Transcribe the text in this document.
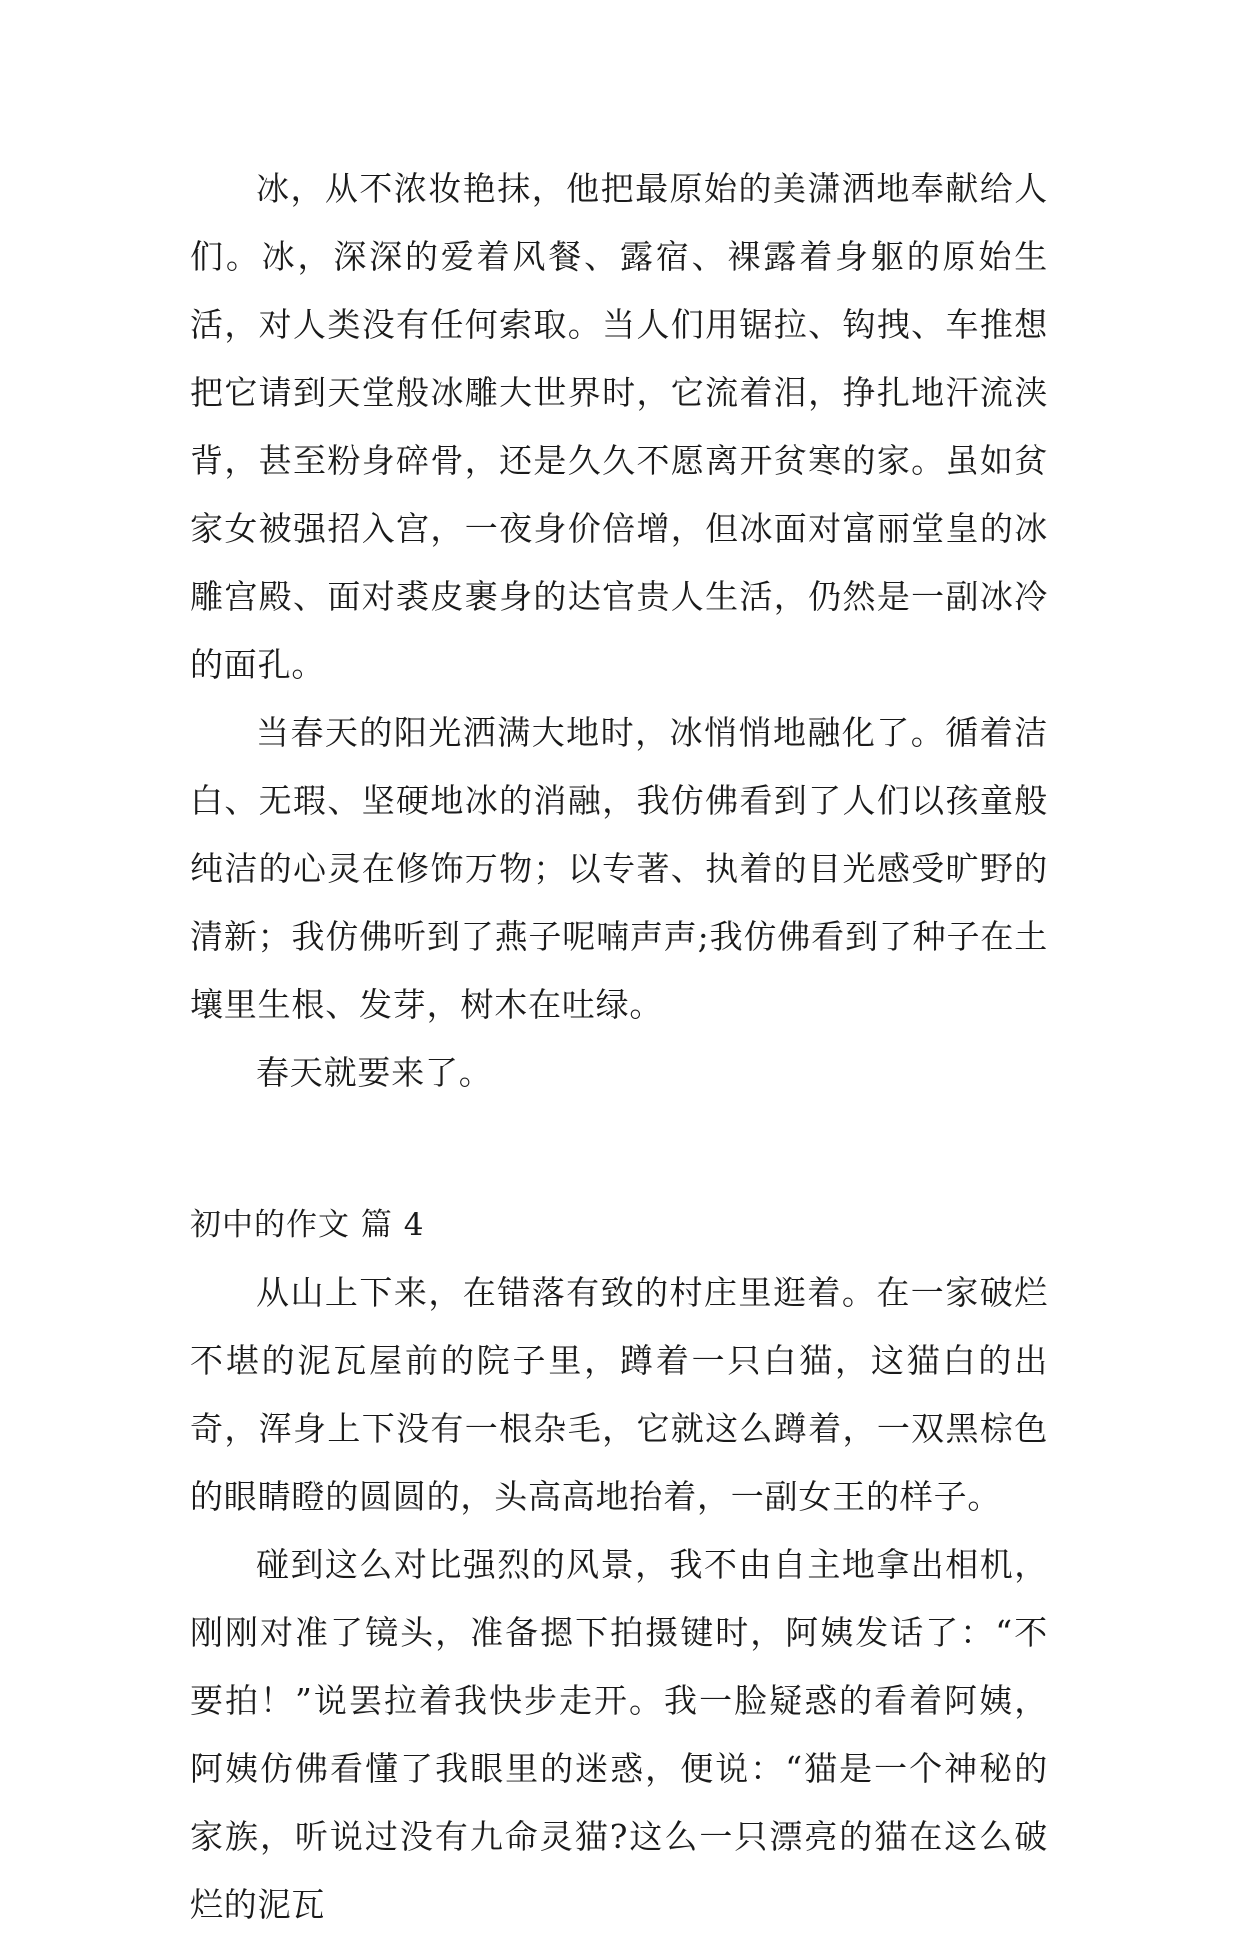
冰，从不浓妆艳抹，他把最原始的美潇洒地奉献给人们。冰，深深的爱着风餐、露宿、裸露着身躯的原始生活，对人类没有任何索取。当人们用锯拉、钩拽、车推想把它请到天堂般冰雕大世界时，它流着泪，挣扎地汗流浃背，甚至粉身碎骨，还是久久不愿离开贫寒的家。虽如贫家女被强招入宫，一夜身价倍增，但冰面对富丽堂皇的冰雕宫殿、面对裘皮裹身的达官贵人生活，仍然是一副冰冷的面孔。

当春天的阳光洒满大地时，冰悄悄地融化了。循着洁白、无瑕、坚硬地冰的消融，我仿佛看到了人们以孩童般纯洁的心灵在修饰万物；以专著、执着的目光感受旷野的清新；我仿佛听到了燕子呢喃声声;我仿佛看到了种子在土壤里生根、发芽，树木在吐绿。

春天就要来了。

初中的作文 篇 4

从山上下来，在错落有致的村庄里逛着。在一家破烂不堪的泥瓦屋前的院子里，蹲着一只白猫，这猫白的出奇，浑身上下没有一根杂毛，它就这么蹲着，一双黑棕色的眼睛瞪的圆圆的，头高高地抬着，一副女王的样子。

碰到这么对比强烈的风景，我不由自主地拿出相机，刚刚对准了镜头，准备摁下拍摄键时，阿姨发话了：“不要拍！”说罢拉着我快步走开。我一脸疑惑的看着阿姨，阿姨仿佛看懂了我眼里的迷惑，便说：“猫是一个神秘的家族，听说过没有九命灵猫?这么一只漂亮的猫在这么破烂的泥瓦
